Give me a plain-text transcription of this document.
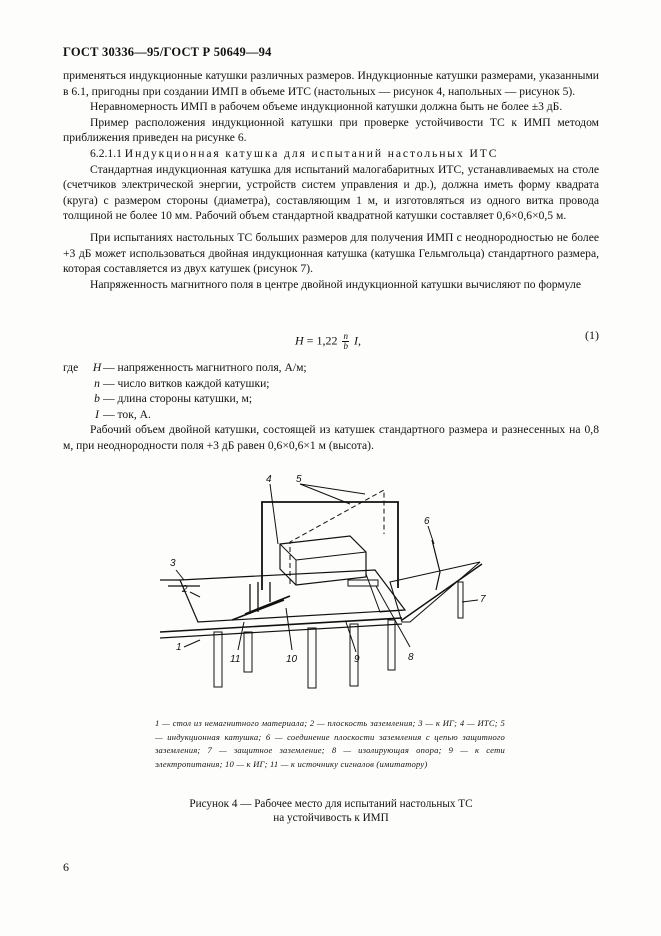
ГОСТ 30336—95/ГОСТ Р 50649—94

применяться индукционные катушки различных размеров. Индукционные катушки размерами, указанными в 6.1, пригодны при создании ИМП в объеме ИТС (настольных — рисунок 4, напольных — рисунок 5).

Неравномерность ИМП в рабочем объеме индукционной катушки должна быть не более ±3 дБ.

Пример расположения индукционной катушки при проверке устойчивости ТС к ИМП методом приближения приведен на рисунке 6.

6.2.1.1 Индукционная катушка для испытаний настольных ИТС

Стандартная индукционная катушка для испытаний малогабаритных ИТС, устанавливаемых на столе (счетчиков электрической энергии, устройств систем управления и др.), должна иметь форму квадрата (круга) с размером стороны (диаметра), составляющим 1 м, и изготовляться из одного витка провода толщиной не более 10 мм. Рабочий объем стандартной квадратной катушки составляет 0,6×0,6×0,5 м.

При испытаниях настольных ТС больших размеров для получения ИМП с неоднородностью не более +3 дБ может использоваться двойная индукционная катушка (катушка Гельмгольца) стандартного размера, которая составляется из двух катушек (рисунок 7).

Напряженность магнитного поля в центре двойной индукционной катушки вычисляют по формуле

$H = 1,22 \frac{n}{b} I$,	(1)
где	H — напряженность магнитного поля, А/м;
n — число витков каждой катушки;
b — длина стороны катушки, м;
I — ток, А.

Рабочий объем двойной катушки, состоящей из катушек стандартного размера и разнесенных на 0,8 м, при неоднородности поля +3 дБ равен 0,6×0,6×1 м (высота).

1
2
3
4 5
6
7
8
9
10
11
1 — стол из немагнитного материала; 2 — плоскость заземления; 3 — к ИГ; 4 — ИТС; 5 — индукционная катушка; 6 — соединение плоскости заземления с цепью защитного заземления; 7 — защитное заземление; 8 — изолирующая опора; 9 — к сети электропитания; 10 — к ИГ; 11 — к источнику сигналов (имитатору)
Рисунок 4 — Рабочее место для испытаний настольных ТС
на устойчивость к ИМП
6
